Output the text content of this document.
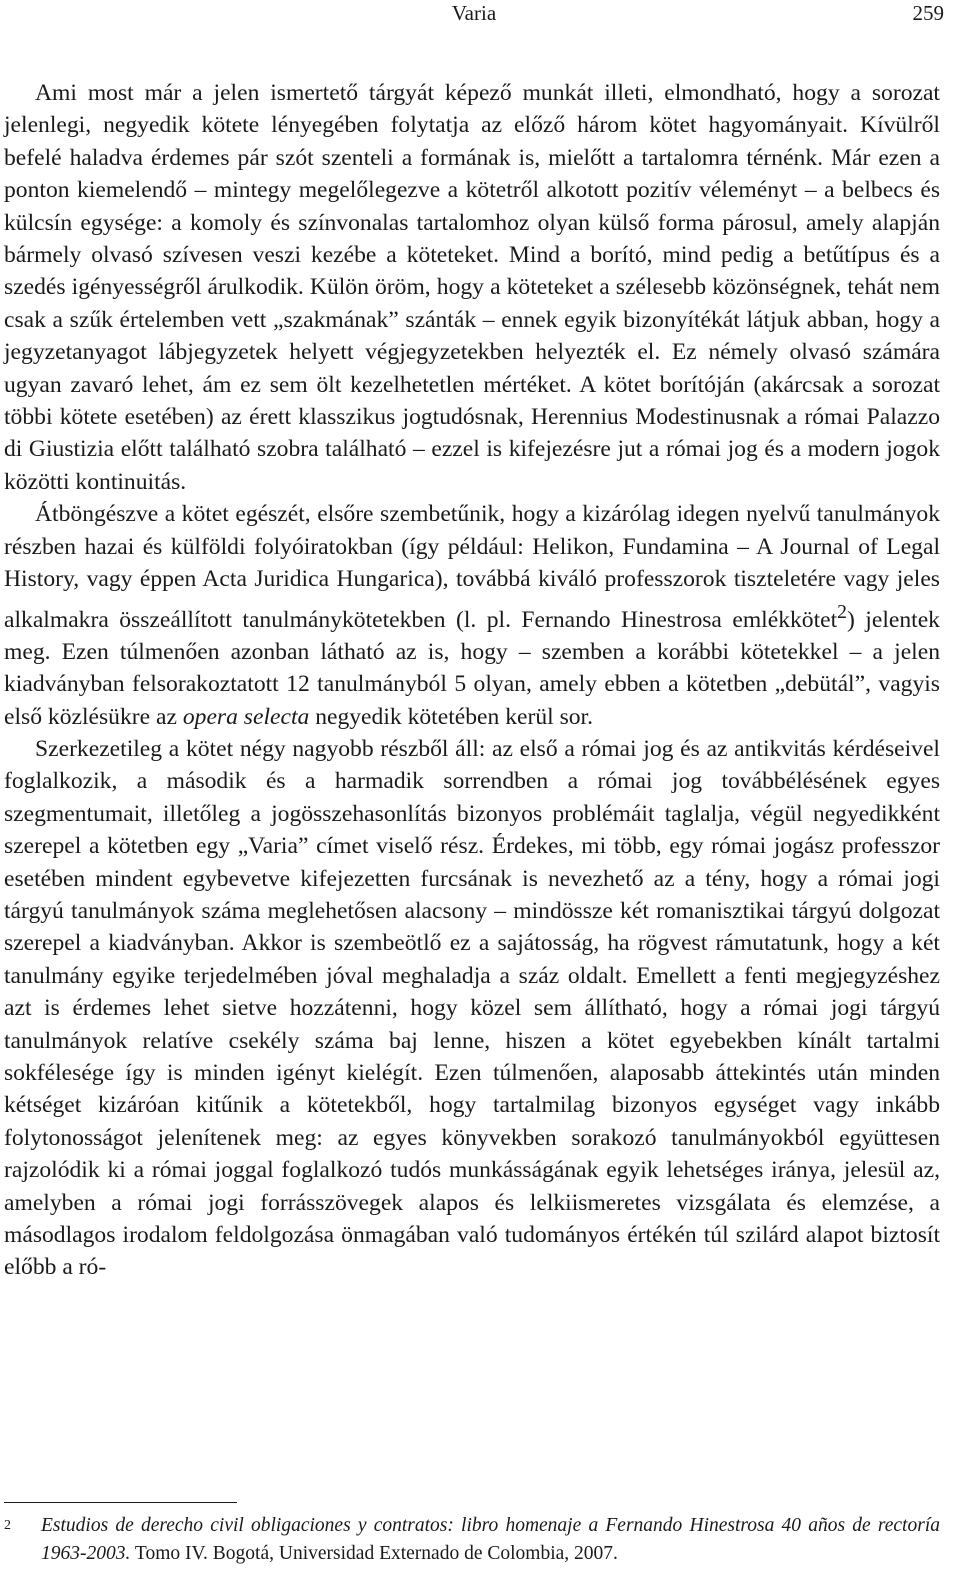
Varia	259

Ami most már a jelen ismertető tárgyát képező munkát illeti, elmondható, hogy a sorozat jelenlegi, negyedik kötete lényegében folytatja az előző három kötet hagyományait. Kívülről befelé haladva érdemes pár szót szenteli a formának is, mielőtt a tartalomra térnénk. Már ezen a ponton kiemelendő – mintegy megelőlegezve a kötetről alkotott pozitív véleményt – a belbecs és külcsín egysége: a komoly és színvonalas tartalomhoz olyan külső forma párosul, amely alapján bármely olvasó szívesen veszi kezébe a köteteket. Mind a borító, mind pedig a betűtípus és a szedés igényességről árulkodik. Külön öröm, hogy a köteteket a szélesebb közönségnek, tehát nem csak a szűk értelemben vett „szakmának” szánták – ennek egyik bizonyítékát látjuk abban, hogy a jegyzetanyagot lábjegyzetek helyett végjegyzetekben helyezték el. Ez némely olvasó számára ugyan zavaró lehet, ám ez sem ölt kezelhetetlen mértéket. A kötet borítóján (akárcsak a sorozat többi kötete esetében) az érett klasszikus jogtudósnak, Herennius Modestinusnak a római Palazzo di Giustizia előtt található szobra található – ezzel is kifejezésre jut a római jog és a modern jogok közötti kontinuitás.

Átböngészve a kötet egészét, elsőre szembetűnik, hogy a kizárólag idegen nyelvű tanulmányok részben hazai és külföldi folyóiratokban (így például: Helikon, Fundamina – A Journal of Legal History, vagy éppen Acta Juridica Hungarica), továbbá kiváló professzorok tiszteletére vagy jeles alkalmakra összeállított tanulmánykötetekben (l. pl. Fernando Hinestrosa emlékkötet$^2$) jelentek meg. Ezen túlmenően azonban látható az is, hogy – szemben a korábbi kötetekkel – a jelen kiadványban felsorakoztatott 12 tanulmányból 5 olyan, amely ebben a kötetben „debütál”, vagyis első közlésükre az opera selecta negyedik kötetében kerül sor.

Szerkezetileg a kötet négy nagyobb részből áll: az első a római jog és az antikvitás kérdéseivel foglalkozik, a második és a harmadik sorrendben a római jog továbbélésének egyes szegmentumait, illetőleg a jogösszehasonlítás bizonyos problémáit taglalja, végül negyedikként szerepel a kötetben egy „Varia” címet viselő rész. Érdekes, mi több, egy római jogász professzor esetében mindent egybevetve kifejezetten furcsának is nevezhető az a tény, hogy a római jogi tárgyú tanulmányok száma meglehetősen alacsony – mindössze két romanisztikai tárgyú dolgozat szerepel a kiadványban. Akkor is szembeötlő ez a sajátosság, ha rögvest rámutatunk, hogy a két tanulmány egyike terjedelmében jóval meghaladja a száz oldalt. Emellett a fenti megjegyzéshez azt is érdemes lehet sietve hozzátenni, hogy közel sem állítható, hogy a római jogi tárgyú tanulmányok relatíve csekély száma baj lenne, hiszen a kötet egyebekben kínált tartalmi sokfélesége így is minden igényt kielégít. Ezen túlmenően, alaposabb áttekintés után minden kétséget kizáróan kitűnik a kötetekből, hogy tartalmilag bizonyos egységet vagy inkább folytonosságot jelenítenek meg: az egyes könyvekben sorakozó tanulmányokból együttesen rajzolódik ki a római joggal foglalkozó tudós munkásságának egyik lehetséges iránya, jelesül az, amelyben a római jogi forrásszövegek alapos és lelkiismeretes vizsgálata és elemzése, a másodlagos irodalom feldolgozása önmagában való tudományos értékén túl szilárd alapot biztosít előbb a ró-

2 Estudios de derecho civil obligaciones y contratos: libro homenaje a Fernando Hinestrosa 40 años de rectoría 1963-2003. Tomo IV. Bogotá, Universidad Externado de Colombia, 2007.
